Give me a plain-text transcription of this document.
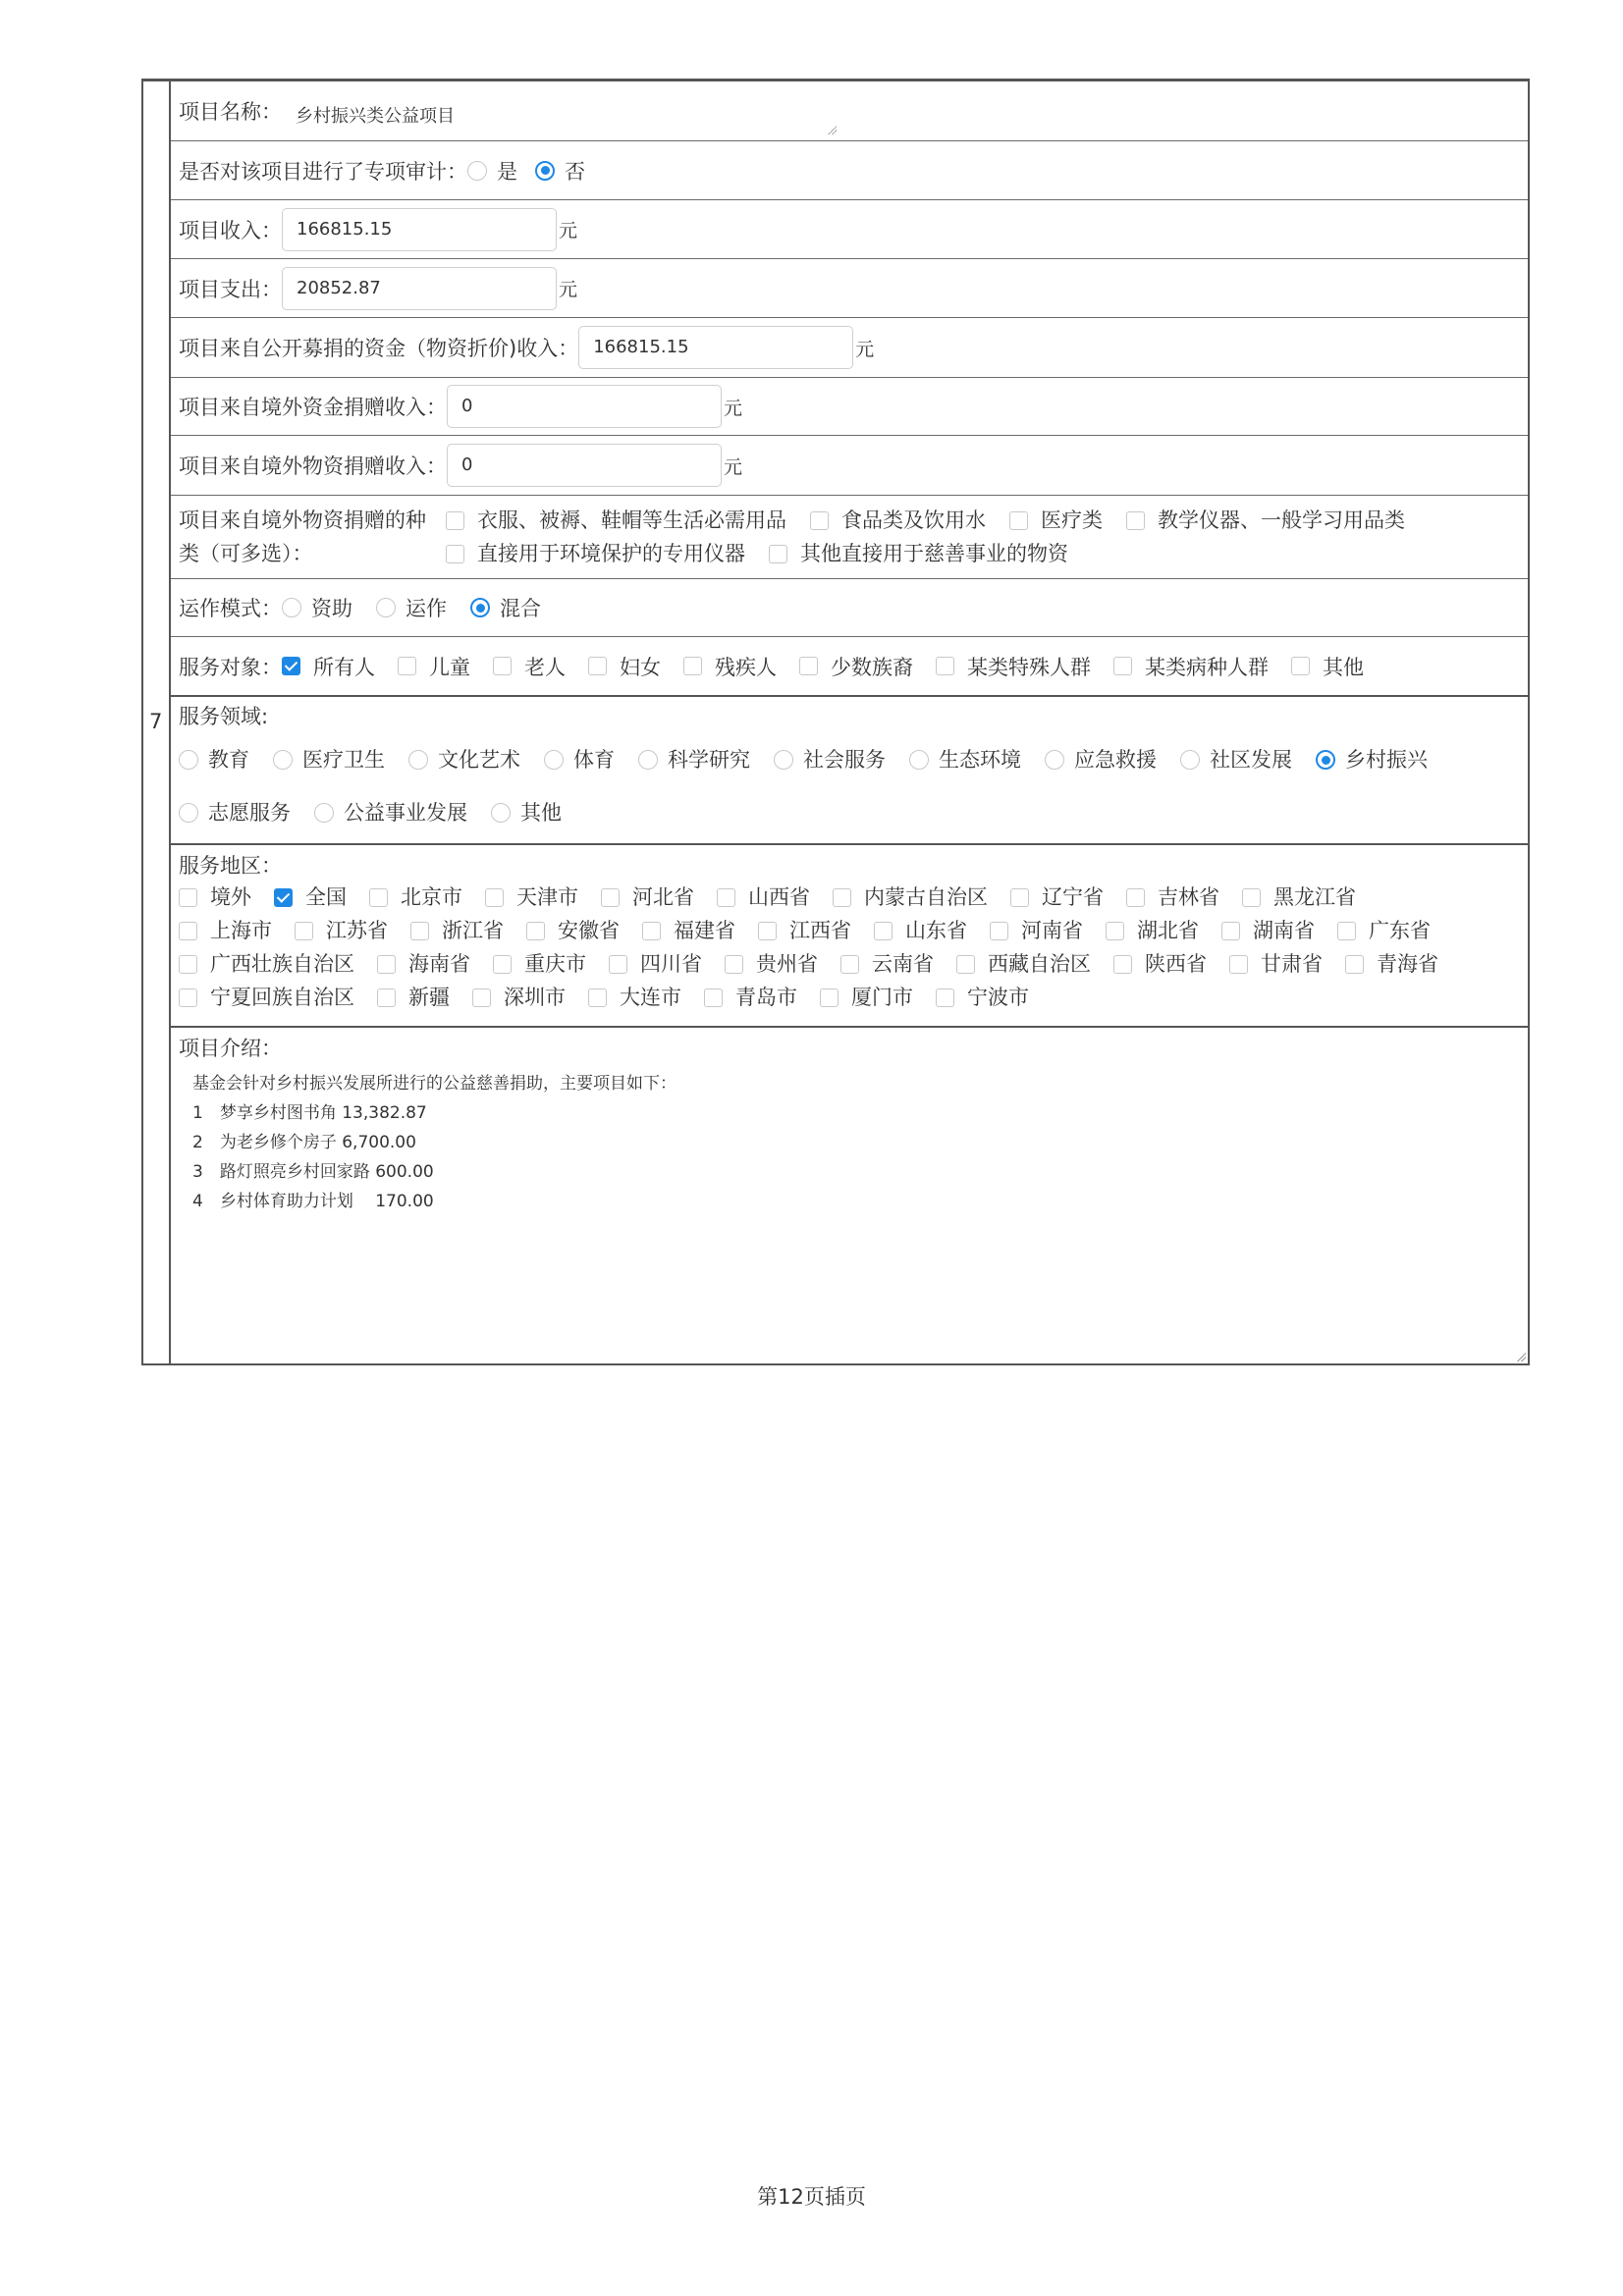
7
项目名称： 乡村振兴类公益项目
是否对该项目进行了专项审计： 是 否
项目收入： 166815.15	元
项目支出： 20852.87	元
项目来自公开募捐的资金（物资折价)收入： 166815.15	元
项目来自境外资金捐赠收入： 0	元
项目来自境外物资捐赠收入： 0	元
项目来自境外物资捐赠的种
类（可多选）：
衣服、被褥、鞋帽等生活必需用品	食品类及饮用水	医疗类	教学仪器、一般学习用品类
直接用于环境保护的专用仪器	其他直接用于慈善事业的物资
运作模式： 资助	运作	混合
服务对象： 所有人	儿童	老人	妇女	残疾人	少数族裔	某类特殊人群	某类病种人群	其他
服务领域:
教育	医疗卫生	文化艺术	体育	科学研究	社会服务	生态环境	应急救援	社区发展	乡村振兴
志愿服务	公益事业发展	其他
服务地区：
境外	全国	北京市	天津市	河北省	山西省	内蒙古自治区	辽宁省	吉林省	黑龙江省
上海市	江苏省	浙江省	安徽省	福建省	江西省	山东省	河南省	湖北省	湖南省	广东省
广西壮族自治区	海南省	重庆市	四川省	贵州省	云南省	西藏自治区	陕西省	甘肃省	青海省
宁夏回族自治区	新疆	深圳市	大连市	青岛市	厦门市	宁波市
项目介绍：
基金会针对乡村振兴发展所进行的公益慈善捐助，主要项目如下：
1　梦享乡村图书角 13,382.87
2　为老乡修个房子 6,700.00
3　路灯照亮乡村回家路 600.00
4　乡村体育助力计划　 170.00
第12页插页
